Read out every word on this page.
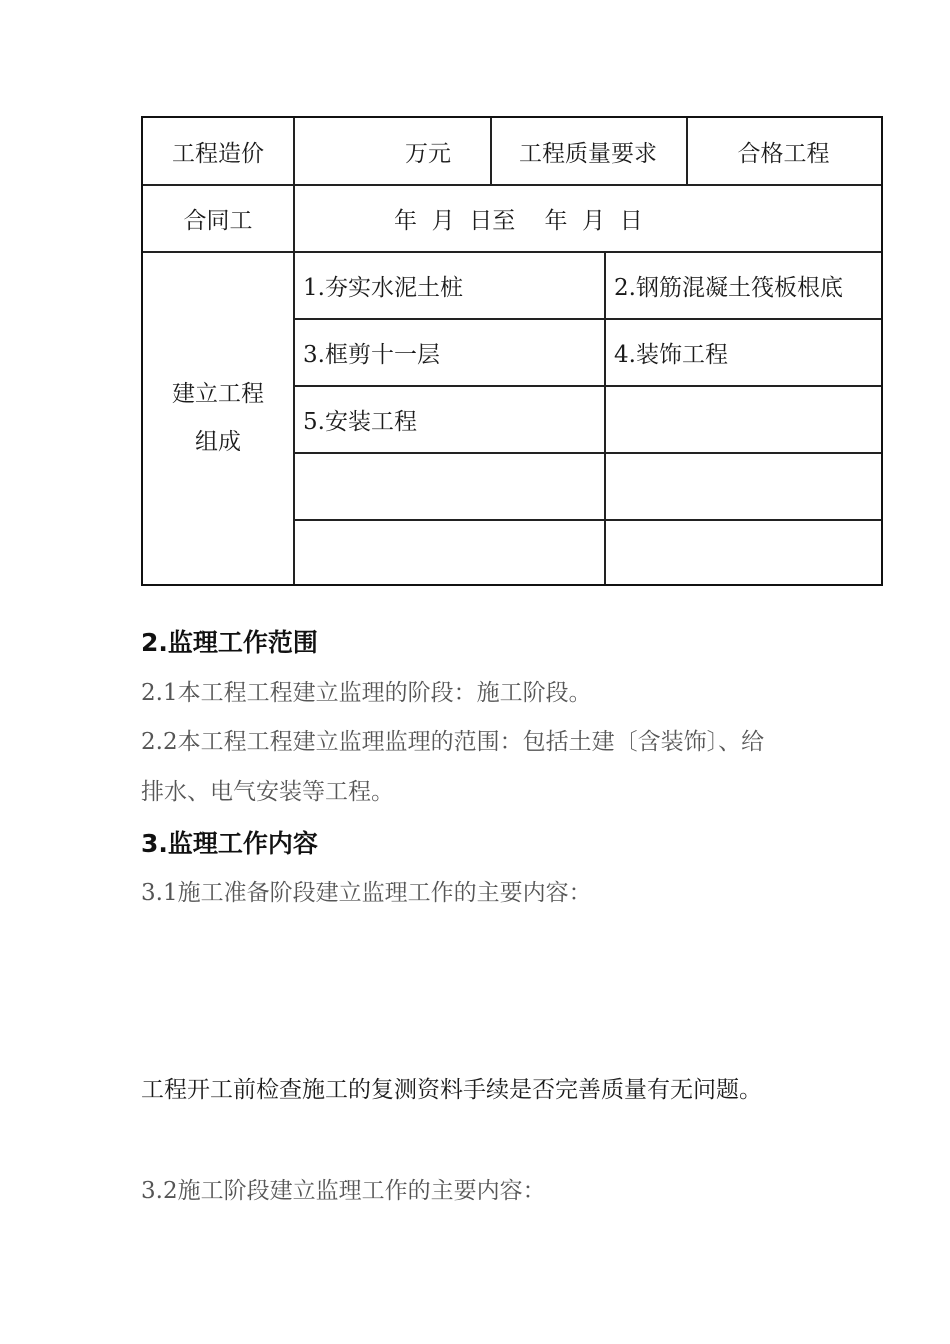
工程造价	万元	工程质量要求	合格工程
合同工	年  月  日至    年  月  日
建立工程
组成
1.夯实水泥土桩	2.钢筋混凝土筏板根底
3.框剪十一层	4.装饰工程
5.安装工程
2.监理工作范围
2.1本工程工程建立监理的阶段：施工阶段。
2.2本工程工程建立监理监理的范围：包括土建〔含装饰〕、给
排水、电气安装等工程。
3.监理工作内容
3.1施工准备阶段建立监理工作的主要内容：
工程开工前检查施工的复测资料手续是否完善质量有无问题。
3.2施工阶段建立监理工作的主要内容：
